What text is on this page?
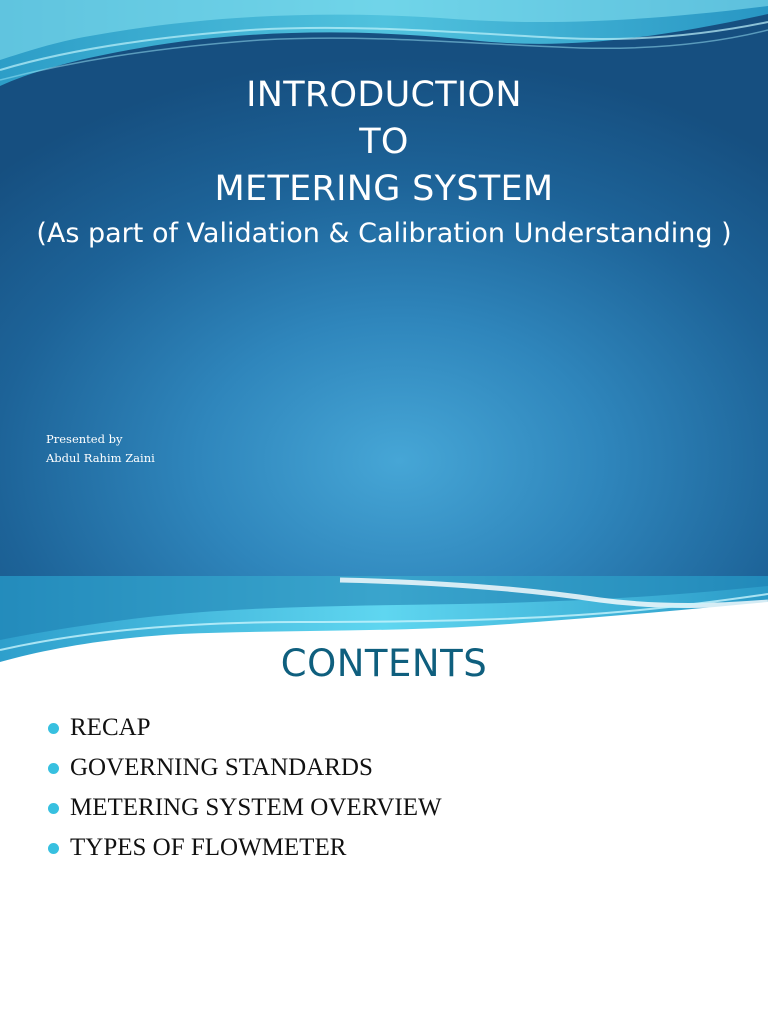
INTRODUCTION
TO
METERING SYSTEM
(As part of Validation & Calibration Understanding )
Presented by
Abdul Rahim Zaini
CONTENTS
RECAP
GOVERNING STANDARDS
METERING SYSTEM OVERVIEW
TYPES OF FLOWMETER
